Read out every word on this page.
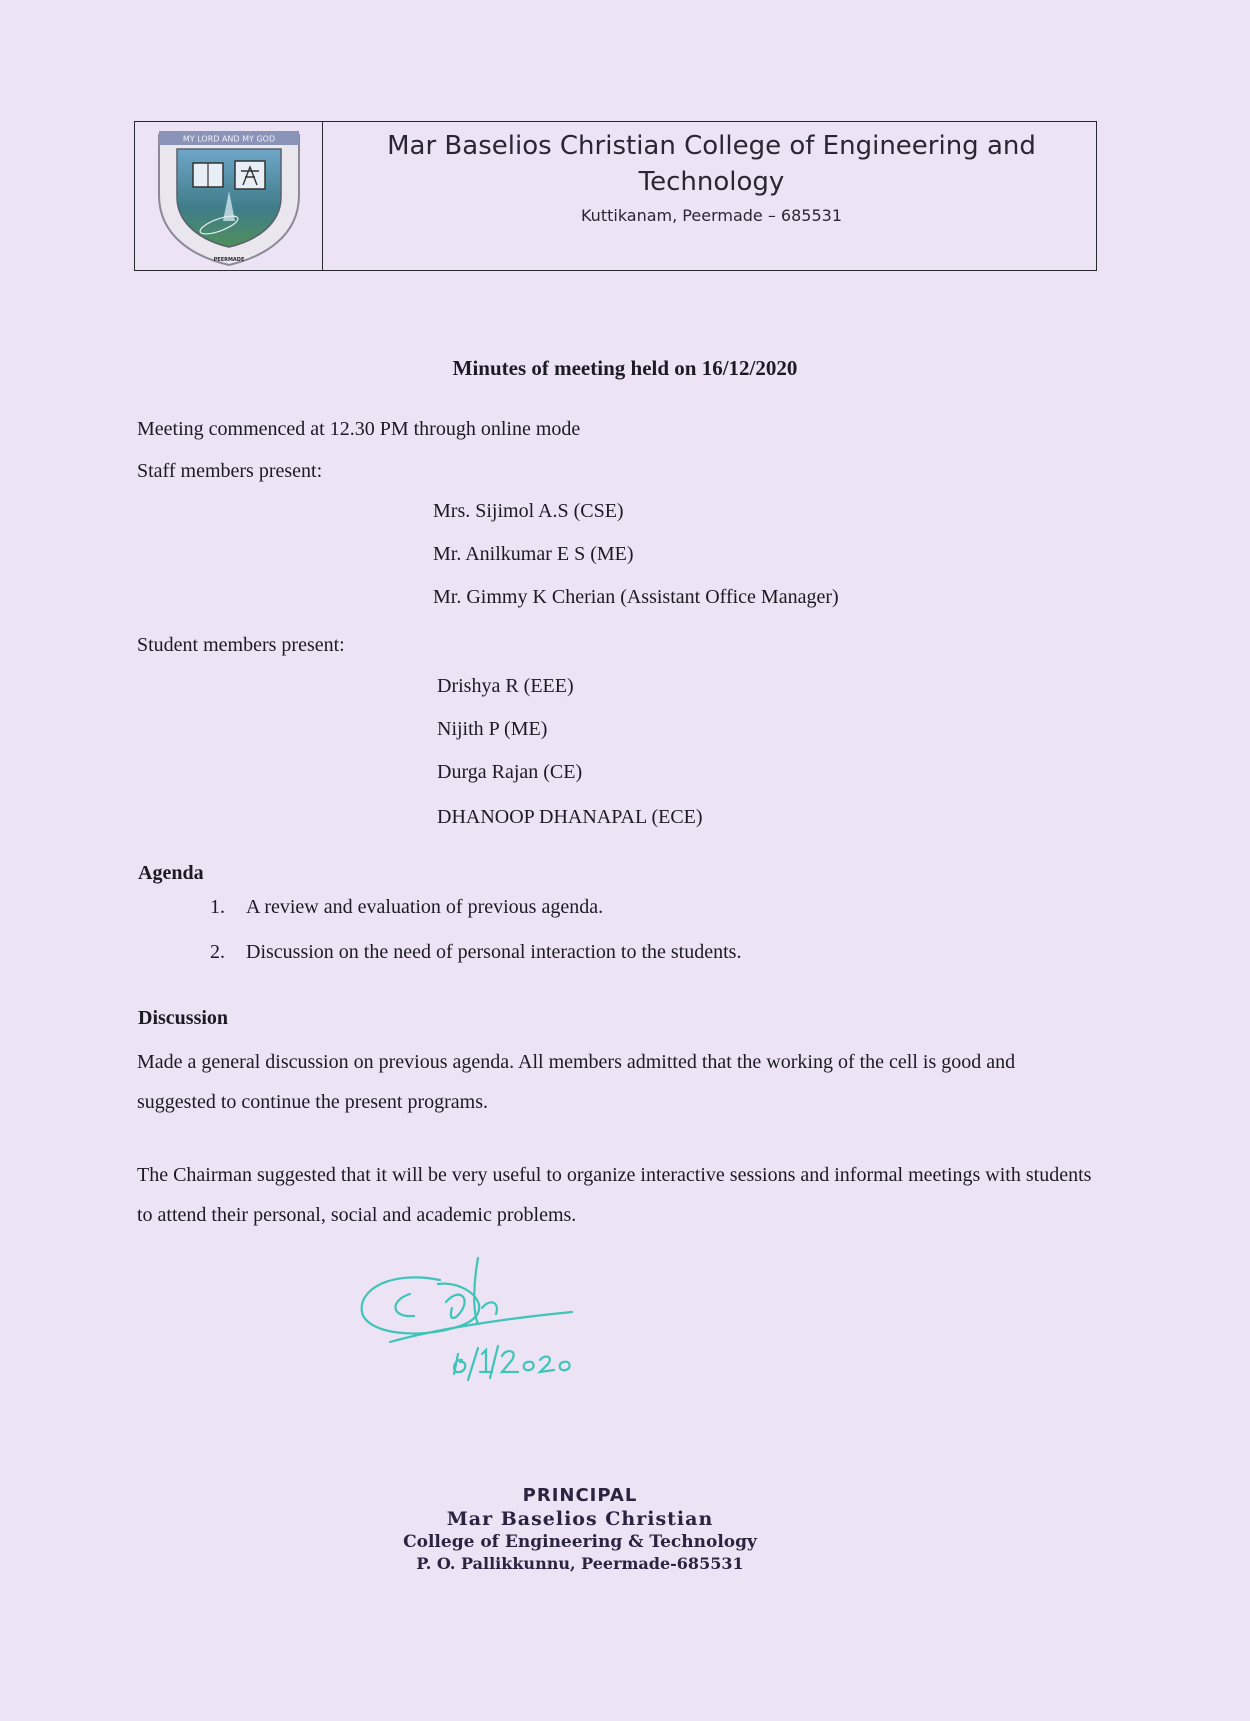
MY LORD AND MY GOD
PEERMADE
Mar Baselios Christian College of Engineering and Technology
Kuttikanam, Peermade – 685531
Minutes of meeting held on 16/12/2020
Meeting commenced at 12.30 PM through online mode
Staff members present:
Mrs. Sijimol A.S (CSE)
Mr. Anilkumar E S (ME)
Mr. Gimmy K Cherian (Assistant Office Manager)
Student members present:
Drishya R (EEE)
Nijith P (ME)
Durga Rajan (CE)
DHANOOP DHANAPAL (ECE)
Agenda
1. A review and evaluation of previous agenda.
2. Discussion on the need of personal interaction to the students.
Discussion
Made a general discussion on previous agenda. All members admitted that the working of the cell is good and suggested to continue the present programs.
The Chairman suggested that it will be very useful to organize interactive sessions and informal meetings with students to attend their personal, social and academic problems.
PRINCIPAL
Mar Baselios Christian
College of Engineering & Technology
P. O. Pallikkunnu, Peermade-685531
